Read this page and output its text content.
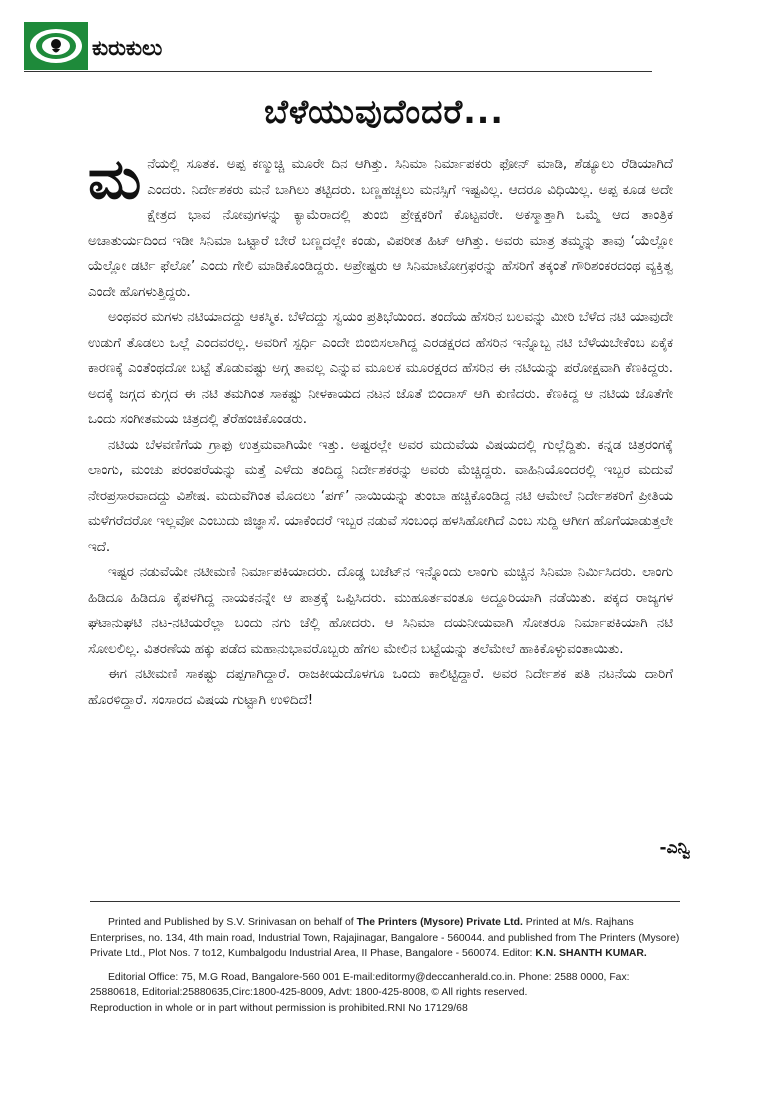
ಕುರುಕುಲು
ಬೆಳೆಯುವುದೆಂದರೆ...

ಮನೆಯಲ್ಲಿ ಸೂತಕ. ಅಪ್ಪ ಕಣ್ಮುಚ್ಚಿ ಮೂರೇ ದಿನ ಆಗಿತ್ತು. ಸಿನಿಮಾ ನಿರ್ಮಾಪಕರು ಫೋನ್ ಮಾಡಿ, ಶೆಡ್ಯೂಲು ರೆಡಿಯಾಗಿದೆ ಎಂದರು. ನಿರ್ದೇಶಕರು ಮನೆ ಬಾಗಿಲು ತಟ್ಟಿದರು. ಬಣ್ಣಹಚ್ಚಲು ಮನಸ್ಸಿಗೆ ಇಷ್ಟವಿಲ್ಲ. ಆದರೂ ವಿಧಿಯಿಲ್ಲ. ಅಪ್ಪ ಕೂಡ ಅದೇ ಕ್ಷೇತ್ರದ ಭಾವ ನೋವುಗಳನ್ನು ಕ್ಯಾಮೆರಾದಲ್ಲಿ ತುಂಬಿ ಪ್ರೇಕ್ಷಕರಿಗೆ ಕೊಟ್ಟವರೇ. ಅಕಸ್ಮಾತ್ತಾಗಿ ಒಮ್ಮೆ ಆದ ತಾಂತ್ರಿಕ ಅಚಾತುರ್ಯದಿಂದ ಇಡೀ ಸಿನಿಮಾ ಒಟ್ಟಾರೆ ಬೇರೆ ಬಣ್ಣದಲ್ಲೇ ಕಂಡು, ವಿಪರೀತ ಹಿಟ್ ಆಗಿತ್ತು. ಅವರು ಮಾತ್ರ ತಮ್ಮನ್ನು ತಾವು ‘ಯೆಲ್ಲೋ ಯೆಲ್ಲೋ ಡರ್ಟಿ ಫೆಲೋ’ ಎಂದು ಗೇಲಿ ಮಾಡಿಕೊಂಡಿದ್ದರು. ಅಪ್ರೇಷ್ಟರು ಆ ಸಿನಿಮಾಟೋಗ್ರಫರನ್ನು ಹೆಸರಿಗೆ ತಕ್ಕಂತೆ ಗೌರಿಶಂಕರದಂಥ ವ್ಯಕ್ತಿತ್ವ ಎಂದೇ ಹೊಗಳುತ್ತಿದ್ದರು.

ಅಂಥವರ ಮಗಳು ನಟಿಯಾದದ್ದು ಆಕಸ್ಮಿಕ. ಬೆಳೆದದ್ದು ಸ್ವಯಂ ಪ್ರತಿಭೆಯಿಂದ. ತಂದೆಯ ಹೆಸರಿನ ಬಲವನ್ನು ಮೀರಿ ಬೆಳೆದ ನಟಿ ಯಾವುದೇ ಉಡುಗೆ ತೊಡಲು ಒಲ್ಲೆ ಎಂದವರಲ್ಲ. ಅವರಿಗೆ ಸ್ಪರ್ಧಿ ಎಂದೇ ಬಿಂಬಿಸಲಾಗಿದ್ದ ಎರಡಕ್ಷರದ ಹೆಸರಿನ ಇನ್ನೊಬ್ಬ ನಟಿ ಬೆಳೆಯಬೇಕೆಂಬ ಏಕೈಕ ಕಾರಣಕ್ಕೆ ಎಂತೆಂಥದೋ ಬಟ್ಟೆ ತೊಡುವಷ್ಟು ಅಗ್ಗ ತಾವಲ್ಲ ಎನ್ನುವ ಮೂಲಕ ಮೂರಕ್ಷರದ ಹೆಸರಿನ ಈ ನಟಿಯನ್ನು ಪರೋಕ್ಷವಾಗಿ ಕೆಣಕಿದ್ದರು. ಅದಕ್ಕೆ ಜಗ್ಗದ ಕುಗ್ಗದ ಈ ನಟಿ ತಮಗಿಂತ ಸಾಕಷ್ಟು ನೀಳಕಾಯದ ನಟನ ಜೊತೆ ಬಿಂದಾಸ್ ಆಗಿ ಕುಣಿದರು. ಕೆಣಕಿದ್ದ ಆ ನಟಿಯ ಜೊತೆಗೇ ಒಂದು ಸಂಗೀತಮಯ ಚಿತ್ರದಲ್ಲಿ ತೆರೆಹಂಚಿಕೊಂಡರು.

ನಟಿಯ ಬೆಳವಣಿಗೆಯ ಗ್ರಾಫು ಉತ್ತಮವಾಗಿಯೇ ಇತ್ತು. ಅಷ್ಟರಲ್ಲೇ ಅವರ ಮದುವೆಯ ವಿಷಯದಲ್ಲಿ ಗುಲ್ಲೆದ್ದಿತು. ಕನ್ನಡ ಚಿತ್ರರಂಗಕ್ಕೆ ಲಾಂಗು, ಮಂಚು ಪರಂಪರೆಯನ್ನು ಮತ್ತೆ ಎಳೆದು ತಂದಿದ್ದ ನಿರ್ದೇಶಕರನ್ನು ಅವರು ಮೆಚ್ಚಿದ್ದರು. ವಾಹಿನಿಯೊಂದರಲ್ಲಿ ಇಬ್ಬರ ಮದುವೆ ನೇರಪ್ರಸಾರವಾದದ್ದು ವಿಶೇಷ. ಮದುವೆಗಿಂತ ಮೊದಲು ‘ಪಗ್’ ನಾಯಿಯನ್ನು ತುಂಬಾ ಹಚ್ಚಿಕೊಂಡಿದ್ದ ನಟಿ ಆಮೇಲೆ ನಿರ್ದೇಶಕರಿಗೆ ಪ್ರೀತಿಯ ಮಳೆಗರೆದರೋ ಇಲ್ಲವೋ ಎಂಬುದು ಜಿಜ್ಞಾಸೆ. ಯಾಕೆಂದರೆ ಇಬ್ಬರ ನಡುವೆ ಸಂಬಂಧ ಹಳಸಿಹೋಗಿದೆ ಎಂಬ ಸುದ್ದಿ ಆಗೀಗ ಹೊಗೆಯಾಡುತ್ತಲೇ ಇದೆ.

ಇಷ್ಟರ ನಡುವೆಯೇ ನಟೀಮಣಿ ನಿರ್ಮಾಪಕಿಯಾದರು. ದೊಡ್ಡ ಬಜೆಟ್‌ನ ಇನ್ನೊಂದು ಲಾಂಗು ಮಚ್ಚಿನ ಸಿನಿಮಾ ನಿರ್ಮಿಸಿದರು. ಲಾಂಗು ಹಿಡಿದೂ ಹಿಡಿದೂ ಕೈಪಳಗಿದ್ದ ನಾಯಕನನ್ನೇ ಆ ಪಾತ್ರಕ್ಕೆ ಒಪ್ಪಿಸಿದರು. ಮುಹೂರ್ತವಂತೂ ಅದ್ದೂರಿಯಾಗಿ ನಡೆಯಿತು. ಪಕ್ಕದ ರಾಜ್ಯಗಳ ಘಟಾನುಘಟಿ ನಟ-ನಟಿಯರೆಲ್ಲಾ ಬಂದು ನಗು ಚೆಲ್ಲಿ ಹೋದರು. ಆ ಸಿನಿಮಾ ದಯನೀಯವಾಗಿ ಸೋತರೂ ನಿರ್ಮಾಪಕಿಯಾಗಿ ನಟಿ ಸೋಲಲಿಲ್ಲ. ವಿತರಣೆಯ ಹಕ್ಕು ಪಡೆದ ಮಹಾನುಭಾವರೊಬ್ಬರು ಹೆಗಲ ಮೇಲಿನ ಬಟ್ಟೆಯನ್ನು ತಲೆಮೇಲೆ ಹಾಕಿಕೊಳ್ಳುವಂತಾಯಿತು.

ಈಗ ನಟೀಮಣಿ ಸಾಕಷ್ಟು ದಪ್ಪಗಾಗಿದ್ದಾರೆ. ರಾಜಕೀಯದೊಳಗೂ ಒಂದು ಕಾಲಿಟ್ಟಿದ್ದಾರೆ. ಅವರ ನಿರ್ದೇಶಕ ಪತಿ ನಟನೆಯ ದಾರಿಗೆ ಹೊರಳಿದ್ದಾರೆ. ಸಂಸಾರದ ವಿಷಯ ಗುಟ್ಟಾಗಿ ಉಳಿದಿದೆ!

-ಎನ್ವಿ

Printed and Published by S.V. Srinivasan on behalf of The Printers (Mysore) Private Ltd. Printed at M/s. Rajhans Enterprises, no. 134, 4th main road, Industrial Town, Rajajinagar, Bangalore - 560044. and published from The Printers (Mysore) Private Ltd., Plot Nos. 7 to12, Kumbalgodu Industrial Area, II Phase, Bangalore - 560074. Editor: K.N. SHANTH KUMAR.

Editorial Office: 75, M.G Road, Bangalore-560 001 E-mail:editormy@deccanherald.co.in. Phone: 2588 0000, Fax: 25880618, Editorial:25880635,Circ:1800-425-8009, Advt: 1800-425-8008, © All rights reserved.

Reproduction in whole or in part without permission is prohibited.RNI No 17129/68
